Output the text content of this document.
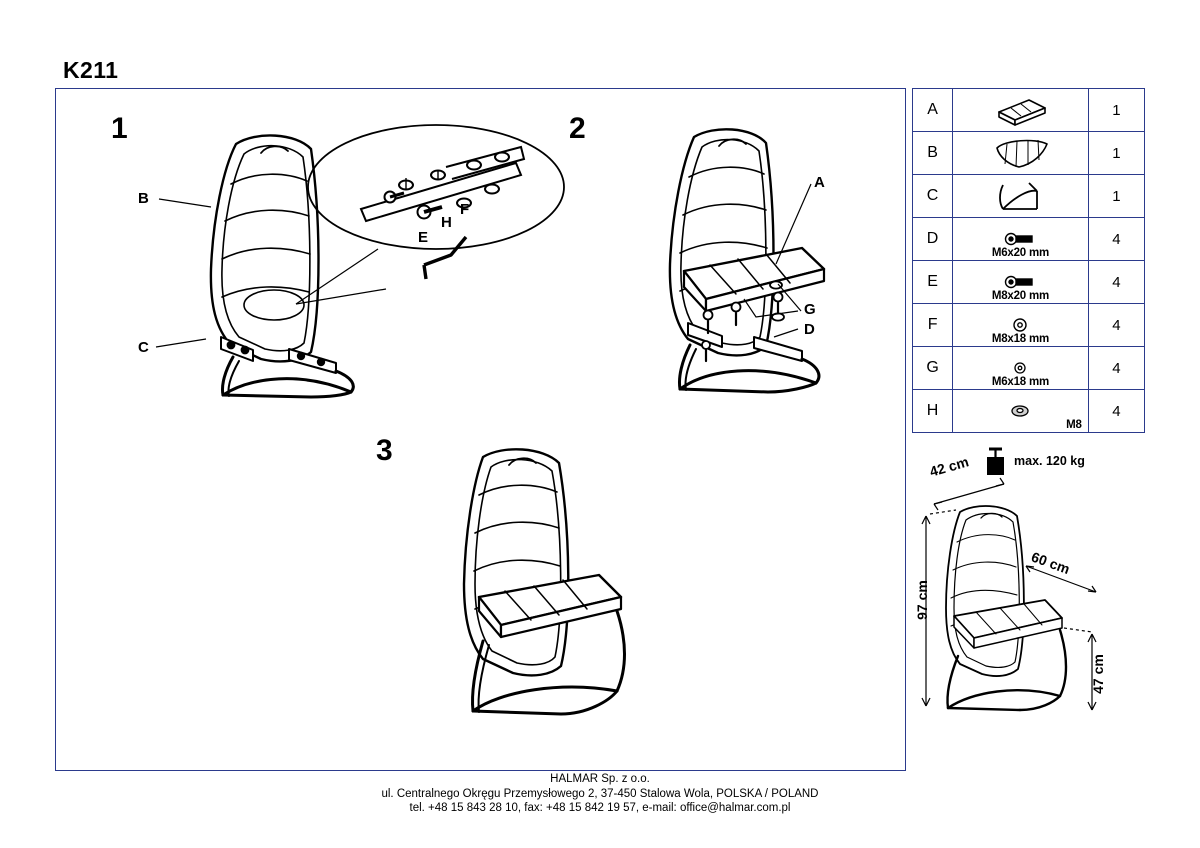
K211
1
B
C
E
H
F
2
A
G
D
3
A		1
B		1
C		1
D	M6x20 mm	4
E	M8x20 mm	4
F	M8x18 mm	4
G	M6x18 mm	4
H	M8	4
max. 120 kg
42 cm
60 cm
97 cm
47 cm
HALMAR Sp. z o.o.
ul. Centralnego Okręgu Przemysłowego 2, 37-450 Stalowa Wola, POLSKA / POLAND
tel. +48 15 843 28 10, fax: +48 15 842 19 57, e-mail: office@halmar.com.pl
